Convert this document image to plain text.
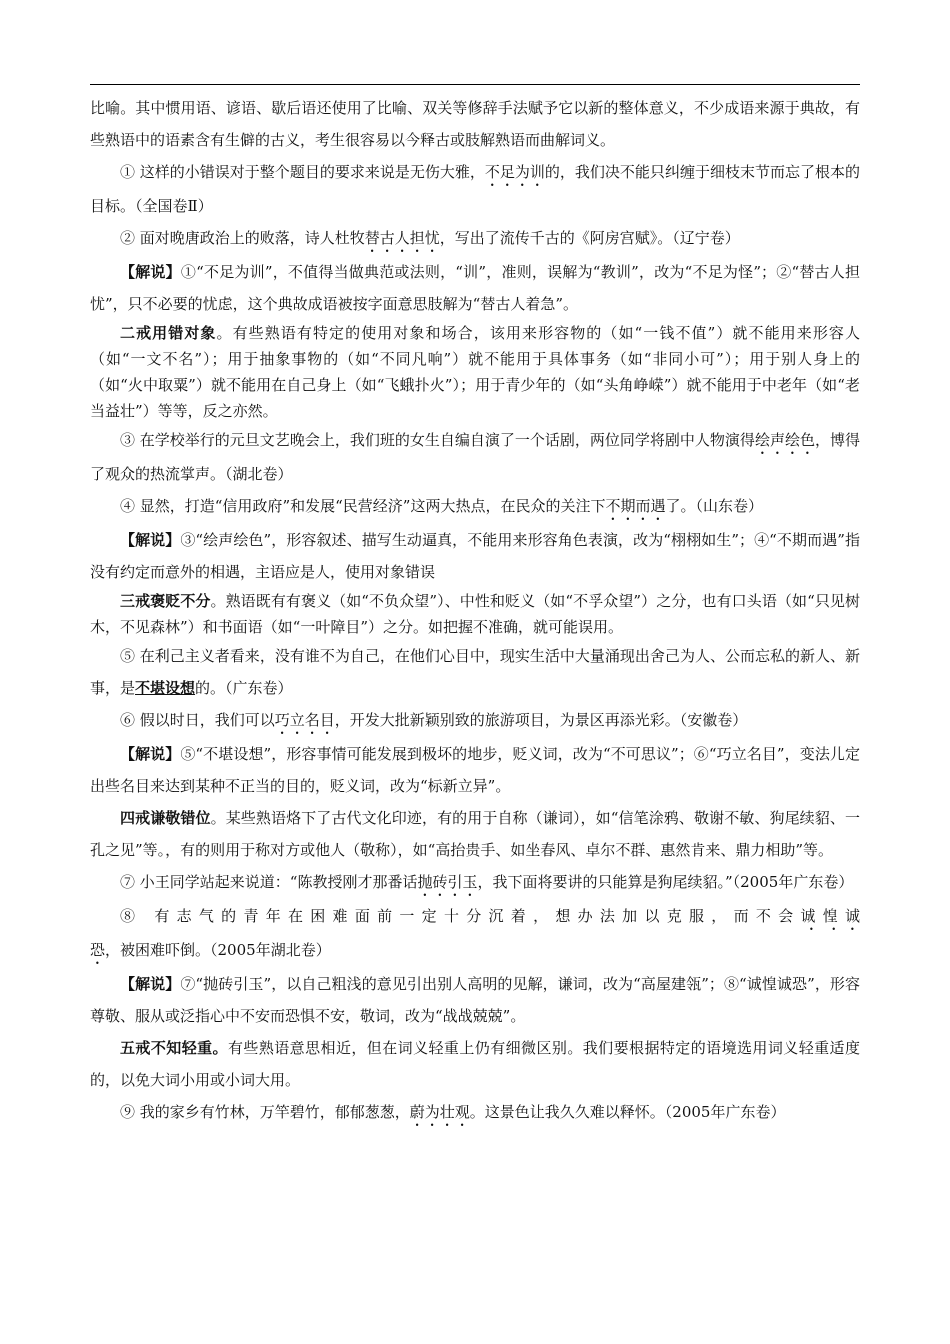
比喻。其中惯用语、谚语、歇后语还使用了比喻、双关等修辞手法赋予它以新的整体意义，不少成语来源于典故，有些熟语中的语素含有生僻的古义，考生很容易以今释古或肢解熟语而曲解词义。

① 这样的小错误对于整个题目的要求来说是无伤大雅，不足为训的，我们决不能只纠缠于细枝末节而忘了根本的目标。（全国卷Ⅱ）

② 面对晚唐政治上的败落，诗人杜牧替古人担忧，写出了流传千古的《阿房宫赋》。（辽宁卷）

【解说】①“不足为训”，不值得当做典范或法则，“训”，准则，误解为“教训”，改为“不足为怪”；②“替古人担忧”，只不必要的忧虑，这个典故成语被按字面意思肢解为“替古人着急”。

二戒用错对象。有些熟语有特定的使用对象和场合，该用来形容物的（如“一钱不值”）就不能用来形容人（如“一文不名”）；用于抽象事物的（如“不同凡响”）就不能用于具体事务（如“非同小可”）；用于别人身上的（如“火中取粟”）就不能用在自己身上（如“飞蛾扑火”）；用于青少年的（如“头角峥嵘”）就不能用于中老年（如“老当益壮”）等等，反之亦然。

③ 在学校举行的元旦文艺晚会上，我们班的女生自编自演了一个话剧，两位同学将剧中人物演得绘声绘色，博得了观众的热流掌声。（湖北卷）

④ 显然，打造“信用政府”和发展“民营经济”这两大热点，在民众的关注下不期而遇了。（山东卷）

【解说】③“绘声绘色”，形容叙述、描写生动逼真，不能用来形容角色表演，改为“栩栩如生”；④“不期而遇”指没有约定而意外的相遇，主语应是人，使用对象错误

三戒褒贬不分。熟语既有有褒义（如“不负众望”）、中性和贬义（如“不孚众望”）之分，也有口头语（如“只见树木，不见森林”）和书面语（如“一叶障目”）之分。如把握不准确，就可能误用。

⑤ 在利己主义者看来，没有谁不为自己，在他们心目中，现实生活中大量涌现出舍己为人、公而忘私的新人、新事，是不堪设想的。（广东卷）

⑥ 假以时日，我们可以巧立名目，开发大批新颖别致的旅游项目，为景区再添光彩。（安徽卷）

【解说】⑤“不堪设想”，形容事情可能发展到极坏的地步，贬义词，改为“不可思议”；⑥“巧立名目”，变法儿定出些名目来达到某种不正当的目的，贬义词，改为“标新立异”。

四戒谦敬错位。某些熟语烙下了古代文化印迹，有的用于自称（谦词），如“信笔涂鸦、敬谢不敏、狗尾续貂、一孔之见”等。，有的则用于称对方或他人（敬称），如“高抬贵手、如坐春风、卓尔不群、惠然肯来、鼎力相助”等。

⑦ 小王同学站起来说道：“陈教授刚才那番话抛砖引玉，我下面将要讲的只能算是狗尾续貂。”（2005年广东卷）

⑧ 有志气的青年在困难面前一定十分沉着，想办法加以克服，而不会诚惶诚恐，被困难吓倒。（2005年湖北卷）

【解说】⑦“抛砖引玉”，以自己粗浅的意见引出别人高明的见解，谦词，改为“高屋建瓴”；⑧“诚惶诚恐”，形容尊敬、服从或泛指心中不安而恐惧不安，敬词，改为“战战兢兢”。

五戒不知轻重。有些熟语意思相近，但在词义轻重上仍有细微区别。我们要根据特定的语境选用词义轻重适度的，以免大词小用或小词大用。

⑨ 我的家乡有竹林，万竿碧竹，郁郁葱葱，蔚为壮观。这景色让我久久难以释怀。（2005年广东卷）
